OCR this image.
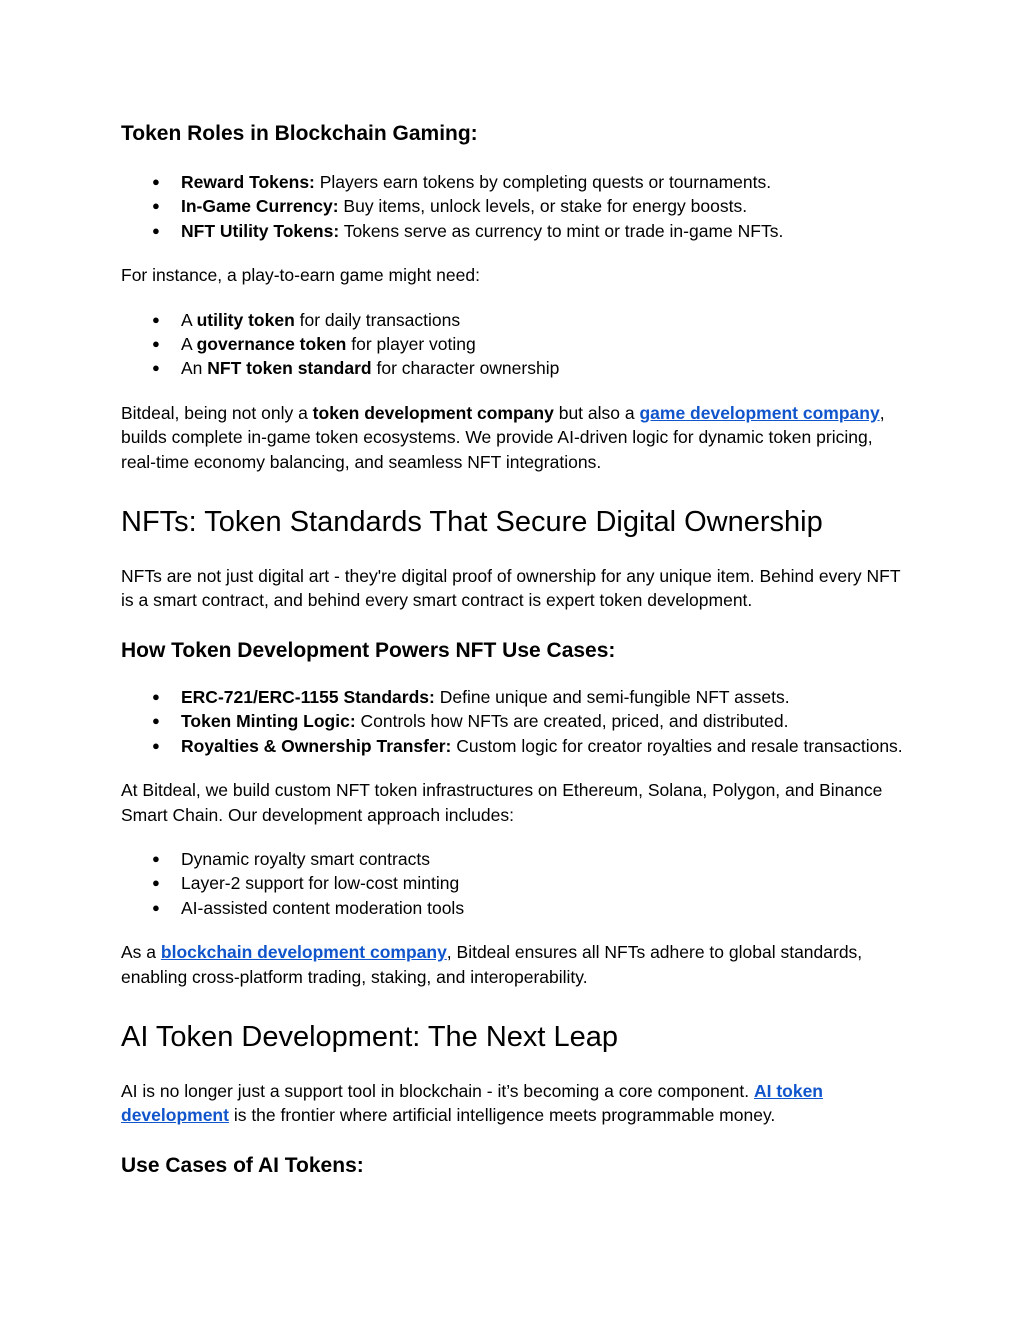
Token Roles in Blockchain Gaming:
● Reward Tokens: Players earn tokens by completing quests or tournaments.
● In-Game Currency: Buy items, unlock levels, or stake for energy boosts.
● NFT Utility Tokens: Tokens serve as currency to mint or trade in-game NFTs.

For instance, a play-to-earn game might need:

● A utility token for daily transactions
● A governance token for player voting
● An NFT token standard for character ownership

Bitdeal, being not only a token development company but also a game development company, builds complete in-game token ecosystems. We provide AI-driven logic for dynamic token pricing, real-time economy balancing, and seamless NFT integrations.

NFTs: Token Standards That Secure Digital Ownership

NFTs are not just digital art - they're digital proof of ownership for any unique item. Behind every NFT is a smart contract, and behind every smart contract is expert token development.

How Token Development Powers NFT Use Cases:
● ERC-721/ERC-1155 Standards: Define unique and semi-fungible NFT assets.
● Token Minting Logic: Controls how NFTs are created, priced, and distributed.
● Royalties & Ownership Transfer: Custom logic for creator royalties and resale transactions.

At Bitdeal, we build custom NFT token infrastructures on Ethereum, Solana, Polygon, and Binance Smart Chain. Our development approach includes:

● Dynamic royalty smart contracts
● Layer-2 support for low-cost minting
● AI-assisted content moderation tools

As a blockchain development company, Bitdeal ensures all NFTs adhere to global standards, enabling cross-platform trading, staking, and interoperability.

AI Token Development: The Next Leap

AI is no longer just a support tool in blockchain - it’s becoming a core component. AI token development is the frontier where artificial intelligence meets programmable money.

Use Cases of AI Tokens:
